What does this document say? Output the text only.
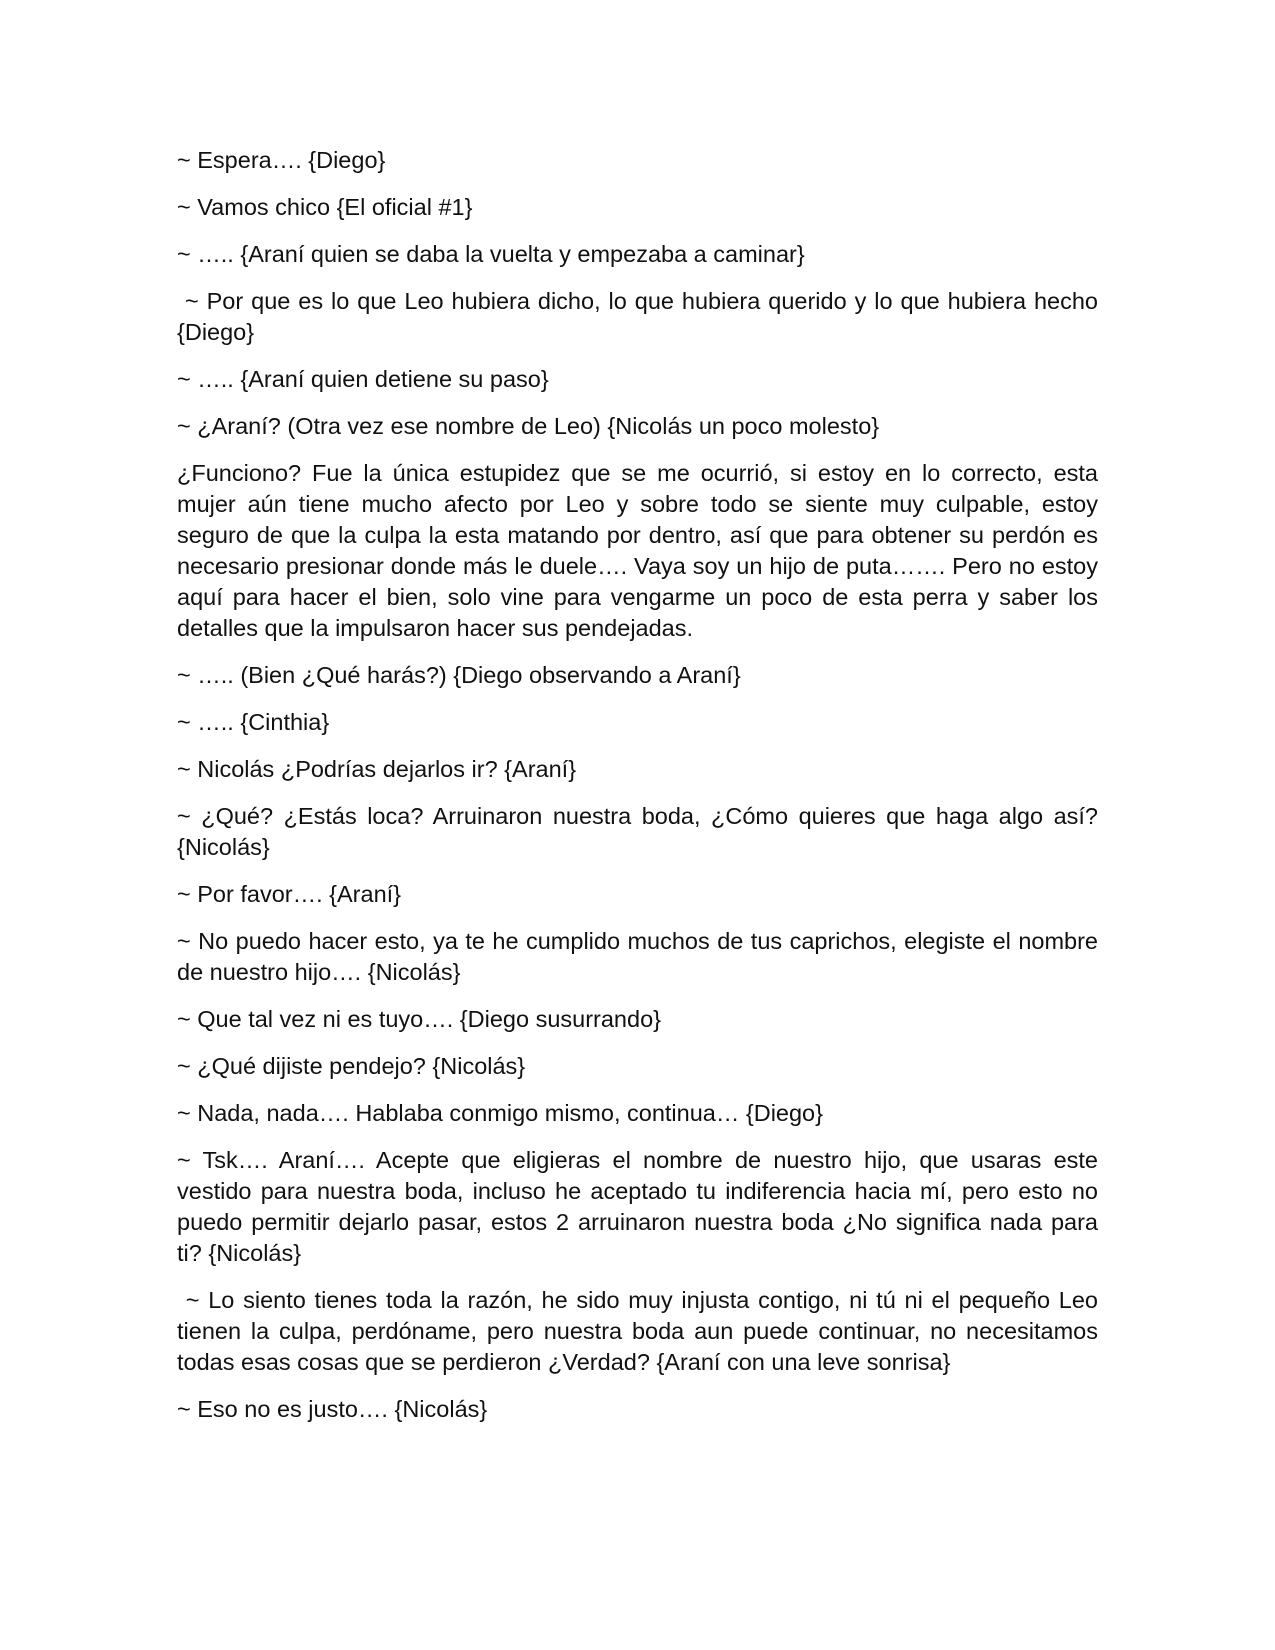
~ Espera…. {Diego}

~ Vamos chico {El oficial #1}

~ ….. {Araní quien se daba la vuelta y empezaba a caminar}

~ Por que es lo que Leo hubiera dicho, lo que hubiera querido y lo que hubiera hecho {Diego}

~ ….. {Araní quien detiene su paso}

~ ¿Araní? (Otra vez ese nombre de Leo) {Nicolás un poco molesto}

¿Funciono? Fue la única estupidez que se me ocurrió, si estoy en lo correcto, esta mujer aún tiene mucho afecto por Leo y sobre todo se siente muy culpable, estoy seguro de que la culpa la esta matando por dentro, así que para obtener su perdón es necesario presionar donde más le duele…. Vaya soy un hijo de puta……. Pero no estoy aquí para hacer el bien, solo vine para vengarme un poco de esta perra y saber los detalles que la impulsaron hacer sus pendejadas.

~ ….. (Bien ¿Qué harás?) {Diego observando a Araní}

~ ….. {Cinthia}

~ Nicolás ¿Podrías dejarlos ir? {Araní}

~ ¿Qué? ¿Estás loca? Arruinaron nuestra boda, ¿Cómo quieres que haga algo así? {Nicolás}

~ Por favor…. {Araní}

~ No puedo hacer esto, ya te he cumplido muchos de tus caprichos, elegiste el nombre de nuestro hijo…. {Nicolás}

~ Que tal vez ni es tuyo…. {Diego susurrando}

~ ¿Qué dijiste pendejo? {Nicolás}

~ Nada, nada…. Hablaba conmigo mismo, continua… {Diego}

~ Tsk…. Araní…. Acepte que eligieras el nombre de nuestro hijo, que usaras este vestido para nuestra boda, incluso he aceptado tu indiferencia hacia mí, pero esto no puedo permitir dejarlo pasar, estos 2 arruinaron nuestra boda ¿No significa nada para ti? {Nicolás}

~ Lo siento tienes toda la razón, he sido muy injusta contigo, ni tú ni el pequeño Leo tienen la culpa, perdóname, pero nuestra boda aun puede continuar, no necesitamos todas esas cosas que se perdieron ¿Verdad? {Araní con una leve sonrisa}

~ Eso no es justo…. {Nicolás}
